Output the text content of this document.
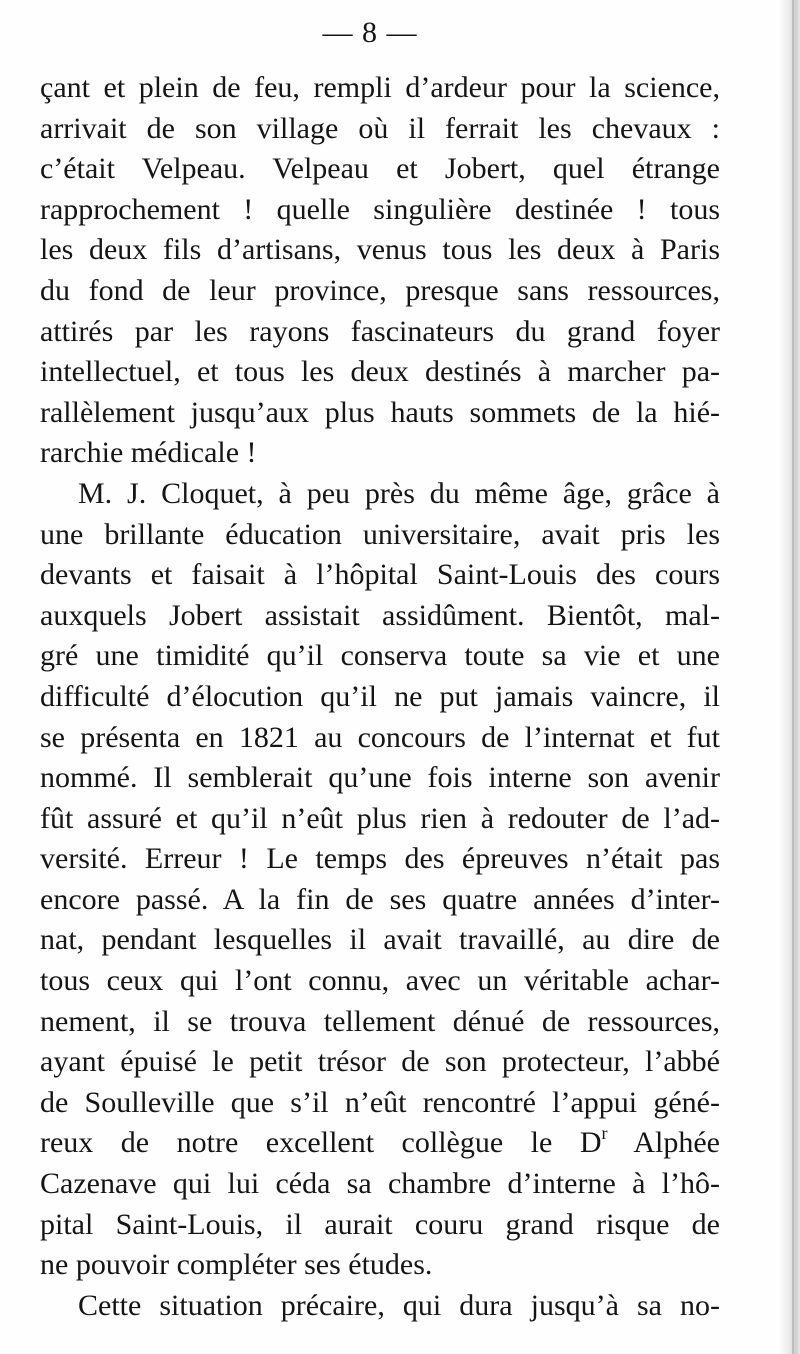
— 8 —
çant et plein de feu, rempli d’ardeur pour la science,
arrivait de son village où il ferrait les chevaux :
c’était Velpeau. Velpeau et Jobert, quel étrange
rapprochement ! quelle singulière destinée ! tous
les deux fils d’artisans, venus tous les deux à Paris
du fond de leur province, presque sans ressources,
attirés par les rayons fascinateurs du grand foyer
intellectuel, et tous les deux destinés à marcher pa-
rallèlement jusqu’aux plus hauts sommets de la hié-
rarchie médicale !
M. J. Cloquet, à peu près du même âge, grâce à
une brillante éducation universitaire, avait pris les
devants et faisait à l’hôpital Saint-Louis des cours
auxquels Jobert assistait assidûment. Bientôt, mal-
gré une timidité qu’il conserva toute sa vie et une
difficulté d’élocution qu’il ne put jamais vaincre, il
se présenta en 1821 au concours de l’internat et fut
nommé. Il semblerait qu’une fois interne son avenir
fût assuré et qu’il n’eût plus rien à redouter de l’ad-
versité. Erreur ! Le temps des épreuves n’était pas
encore passé. A la fin de ses quatre années d’inter-
nat, pendant lesquelles il avait travaillé, au dire de
tous ceux qui l’ont connu, avec un véritable achar-
nement, il se trouva tellement dénué de ressources,
ayant épuisé le petit trésor de son protecteur, l’abbé
de Soulleville que s’il n’eût rencontré l’appui géné-
reux de notre excellent collègue le $D^r$ Alphée
Cazenave qui lui céda sa chambre d’interne à l’hô-
pital Saint-Louis, il aurait couru grand risque de
ne pouvoir compléter ses études.
Cette situation précaire, qui dura jusqu’à sa no-
